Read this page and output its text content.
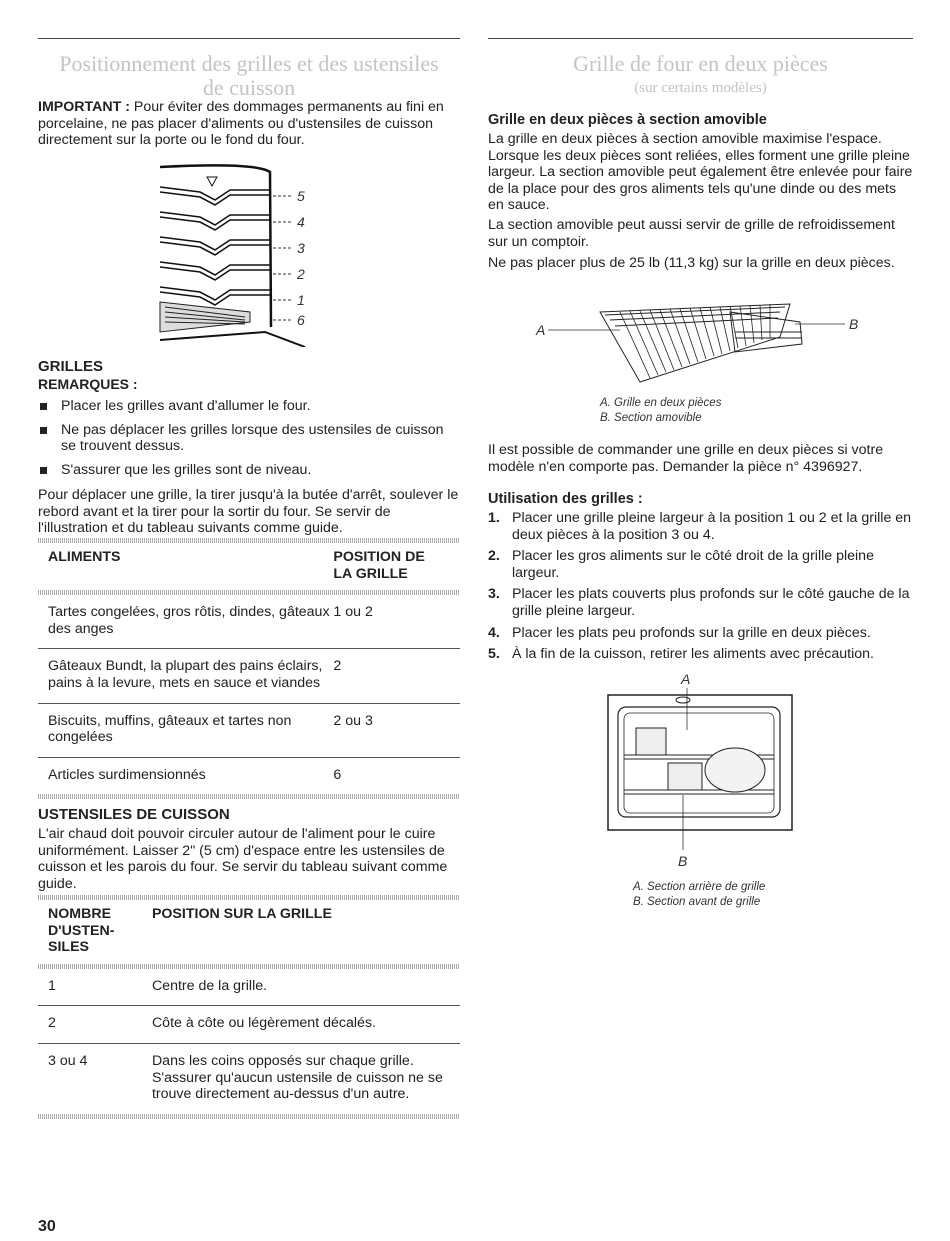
Positionnement des grilles et des ustensiles
de cuisson

IMPORTANT : Pour éviter des dommages permanents au fini en porcelaine, ne pas placer d'aliments ou d'ustensiles de cuisson directement sur la porte ou le fond du four.

5
4
3
2
1
6
GRILLES
REMARQUES :
Placer les grilles avant d'allumer le four.
Ne pas déplacer les grilles lorsque des ustensiles de cuisson se trouvent dessus.
S'assurer que les grilles sont de niveau.

Pour déplacer une grille, la tirer jusqu'à la butée d'arrêt, soulever le rebord avant et la tirer pour la sortir du four. Se servir de l'illustration et du tableau suivants comme guide.

ALIMENTS	POSITION DE
LA GRILLE
Tartes congelées, gros rôtis, dindes, gâteaux des anges	1 ou 2
Gâteaux Bundt, la plupart des pains éclairs, pains à la levure, mets en sauce et viandes	2
Biscuits, muffins, gâteaux et tartes non congelées	2 ou 3
Articles surdimensionnés	6
USTENSILES DE CUISSON

L'air chaud doit pouvoir circuler autour de l'aliment pour le cuire uniformément. Laisser 2" (5 cm) d'espace entre les ustensiles de cuisson et les parois du four. Se servir du tableau suivant comme guide.

NOMBRE
D'USTEN-
SILES	POSITION SUR LA GRILLE
1	Centre de la grille.
2	Côte à côte ou légèrement décalés.
3 ou 4	Dans les coins opposés sur chaque grille. S'assurer qu'aucun ustensile de cuisson ne se trouve directement au-dessus d'un autre.
Grille de four en deux pièces
(sur certains modèles)
Grille en deux pièces à section amovible

La grille en deux pièces à section amovible maximise l'espace. Lorsque les deux pièces sont reliées, elles forment une grille pleine largeur. La section amovible peut également être enlevée pour faire de la place pour des gros aliments tels qu'une dinde ou des mets en sauce.

La section amovible peut aussi servir de grille de refroidissement sur un comptoir.

Ne pas placer plus de 25 lb (11,3 kg) sur la grille en deux pièces.

A	B
A. Grille en deux pièces
B. Section amovible

Il est possible de commander une grille en deux pièces si votre modèle n'en comporte pas. Demander la pièce n° 4396927.

Utilisation des grilles :
1. Placer une grille pleine largeur à la position 1 ou 2 et la grille en deux pièces à la position 3 ou 4.
2. Placer les gros aliments sur le côté droit de la grille pleine largeur.
3. Placer les plats couverts plus profonds sur le côté gauche de la grille pleine largeur.
4. Placer les plats peu profonds sur la grille en deux pièces.
5. À la fin de la cuisson, retirer les aliments avec précaution.
A
B
A. Section arrière de grille
B. Section avant de grille
30
